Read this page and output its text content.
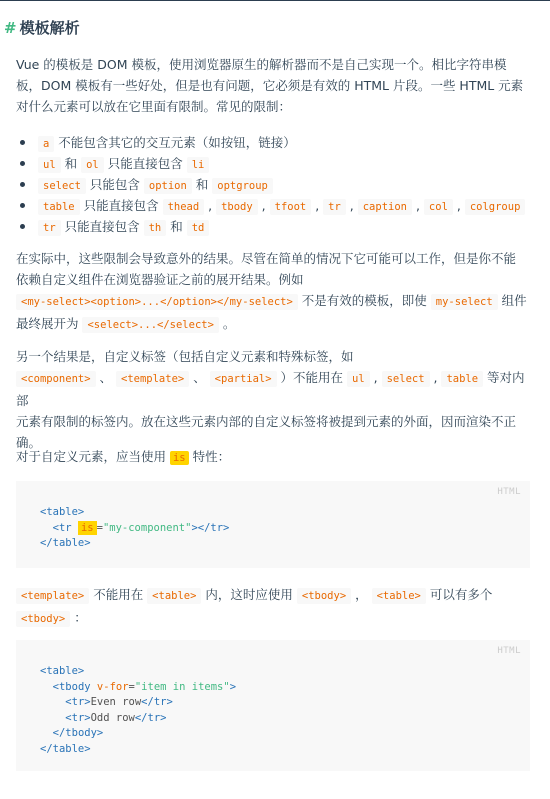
# 模板解析

Vue 的模板是 DOM 模板，使用浏览器原生的解析器而不是自己实现一个。相比字符串模

板，DOM 模板有一些好处，但是也有问题，它必须是有效的 HTML 片段。一些 HTML 元素

对什么元素可以放在它里面有限制。常见的限制：

a 不能包含其它的交互元素（如按钮，链接）
ul 和 ol 只能直接包含 li
select 只能包含 option 和 optgroup
table 只能直接包含 thead , tbody , tfoot , tr , caption , col , colgroup
tr 只能直接包含 th 和 td

在实际中，这些限制会导致意外的结果。尽管在简单的情况下它可能可以工作，但是你不能

依赖自定义组件在浏览器验证之前的展开结果。例如

<my-select><option>...</option></my-select> 不是有效的模板，即使 my-select 组件

最终展开为 <select>...</select> 。

另一个结果是，自定义标签（包括自定义元素和特殊标签，如

<component> 、 <template> 、 <partial> ）不能用在 ul , select , table 等对内部

元素有限制的标签内。放在这些元素内部的自定义标签将被提到元素的外面，因而渲染不正

确。

对于自定义元素，应当使用 is 特性：

HTML
<table>
<tr is ="my-component"></tr>
</table>

<template> 不能用在 <table> 内，这时应使用 <tbody> ， <table> 可以有多个

<tbody> ：

HTML
<table>
<tbody v-for="item in items">
<tr>Even row</tr>
<tr>Odd row</tr>
</tbody>
</table>
